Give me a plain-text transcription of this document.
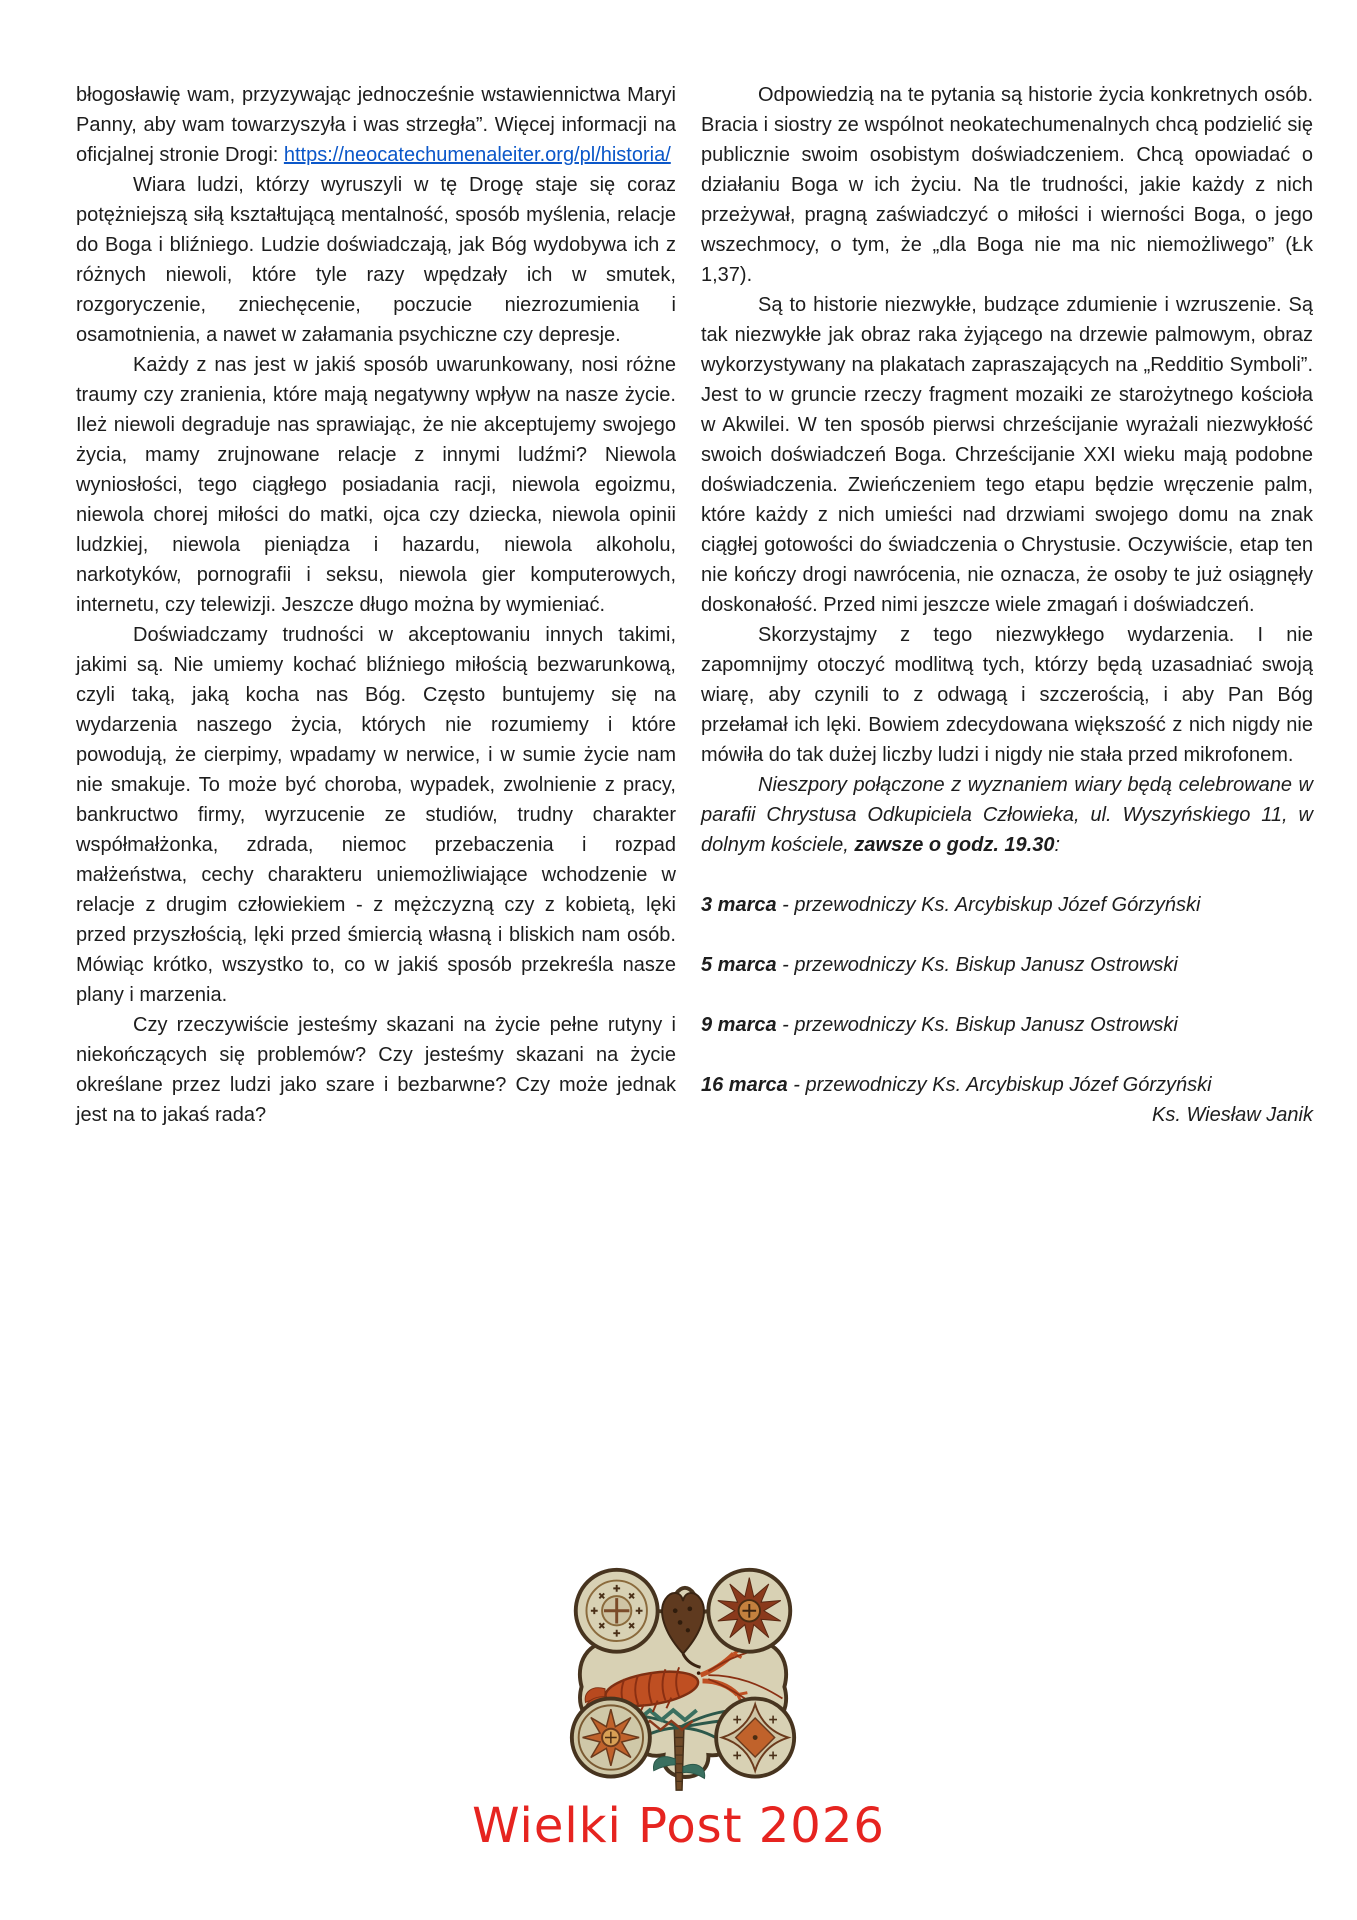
błogosławię wam, przyzywając jednocześnie wstawiennictwa Maryi Panny, aby wam towarzyszyła i was strzegła”. Więcej informacji na oficjalnej stronie Drogi: https://neocatechumenaleiter.org/pl/historia/

Wiara ludzi, którzy wyruszyli w tę Drogę staje się coraz potężniejszą siłą kształtującą mentalność, sposób myślenia, relacje do Boga i bliźniego. Ludzie doświadczają, jak Bóg wydobywa ich z różnych niewoli, które tyle razy wpędzały ich w smutek, rozgoryczenie, zniechęcenie, poczucie niezrozumienia i osamotnienia, a nawet w załamania psychiczne czy depresje.

Każdy z nas jest w jakiś sposób uwarunkowany, nosi różne traumy czy zranienia, które mają negatywny wpływ na nasze życie. Ileż niewoli degraduje nas sprawiając, że nie akceptujemy swojego życia, mamy zrujnowane relacje z innymi ludźmi? Niewola wyniosłości, tego ciągłego posiadania racji, niewola egoizmu, niewola chorej miłości do matki, ojca czy dziecka, niewola opinii ludzkiej, niewola pieniądza i hazardu, niewola alkoholu, narkotyków, pornografii i seksu, niewola gier komputerowych, internetu, czy telewizji. Jeszcze długo można by wymieniać.

Doświadczamy trudności w akceptowaniu innych takimi, jakimi są. Nie umiemy kochać bliźniego miłością bezwarunkową, czyli taką, jaką kocha nas Bóg. Często buntujemy się na wydarzenia naszego życia, których nie rozumiemy i które powodują, że cierpimy, wpadamy w nerwice, i w sumie życie nam nie smakuje. To może być choroba, wypadek, zwolnienie z pracy, bankructwo firmy, wyrzucenie ze studiów, trudny charakter współmałżonka, zdrada, niemoc przebaczenia i rozpad małżeństwa, cechy charakteru uniemożliwiające wchodzenie w relacje z drugim człowiekiem - z mężczyzną czy z kobietą, lęki przed przyszłością, lęki przed śmiercią własną i bliskich nam osób. Mówiąc krótko, wszystko to, co w jakiś sposób przekreśla nasze plany i marzenia.

Czy rzeczywiście jesteśmy skazani na życie pełne rutyny i niekończących się problemów? Czy jesteśmy skazani na życie określane przez ludzi jako szare i bezbarwne? Czy może jednak jest na to jakaś rada?

Odpowiedzią na te pytania są historie życia konkretnych osób. Bracia i siostry ze wspólnot neokatechumenalnych chcą podzielić się publicznie swoim osobistym doświadczeniem. Chcą opowiadać o działaniu Boga w ich życiu. Na tle trudności, jakie każdy z nich przeżywał, pragną zaświadczyć o miłości i wierności Boga, o jego wszechmocy, o tym, że „dla Boga nie ma nic niemożliwego” (Łk 1,37).

Są to historie niezwykłe, budzące zdumienie i wzruszenie. Są tak niezwykłe jak obraz raka żyjącego na drzewie palmowym, obraz wykorzystywany na plakatach zapraszających na „Redditio Symboli”. Jest to w gruncie rzeczy fragment mozaiki ze starożytnego kościoła w Akwilei. W ten sposób pierwsi chrześcijanie wyrażali niezwykłość swoich doświadczeń Boga. Chrześcijanie XXI wieku mają podobne doświadczenia. Zwieńczeniem tego etapu będzie wręczenie palm, które każdy z nich umieści nad drzwiami swojego domu na znak ciągłej gotowości do świadczenia o Chrystusie. Oczywiście, etap ten nie kończy drogi nawrócenia, nie oznacza, że osoby te już osiągnęły doskonałość. Przed nimi jeszcze wiele zmagań i doświadczeń.

Skorzystajmy z tego niezwykłego wydarzenia. I nie zapomnijmy otoczyć modlitwą tych, którzy będą uzasadniać swoją wiarę, aby czynili to z odwagą i szczerością, i aby Pan Bóg przełamał ich lęki. Bowiem zdecydowana większość z nich nigdy nie mówiła do tak dużej liczby ludzi i nigdy nie stała przed mikrofonem.

Nieszpory połączone z wyznaniem wiary będą celebrowane w parafii Chrystusa Odkupiciela Człowieka, ul. Wyszyńskiego 11, w dolnym kościele, zawsze o godz. 19.30:

3 marca - przewodniczy Ks. Arcybiskup Józef Górzyński
5 marca - przewodniczy Ks. Biskup Janusz Ostrowski
9 marca - przewodniczy Ks. Biskup Janusz Ostrowski
16 marca - przewodniczy Ks. Arcybiskup Józef Górzyński

Ks. Wiesław Janik

Wielki Post 2026
